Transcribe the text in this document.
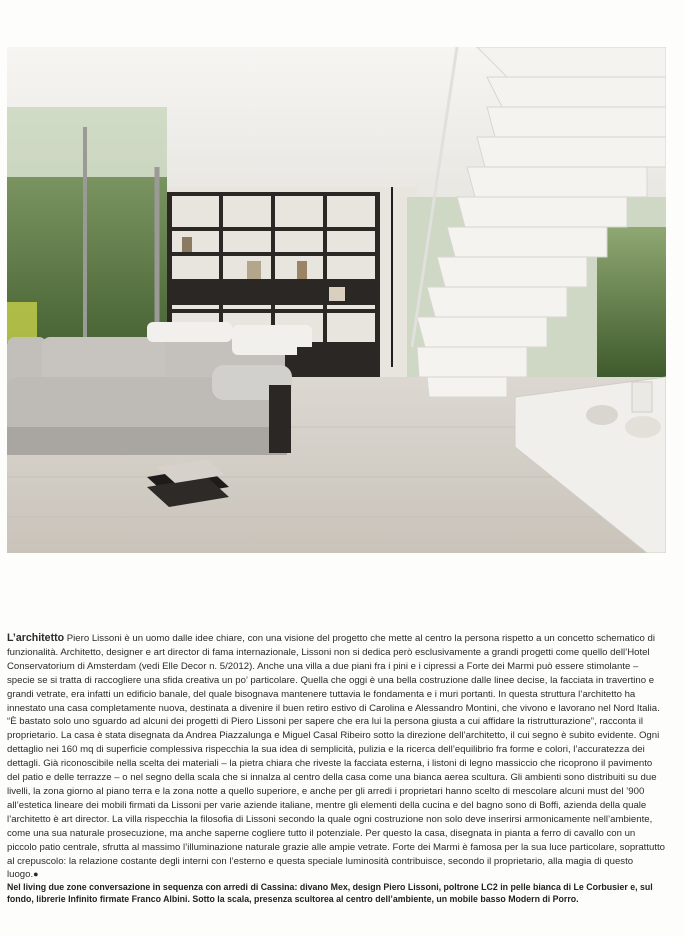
L’architetto Piero Lissoni è un uomo dalle idee chiare, con una visione del progetto che mette al centro la persona rispetto a un concetto schematico di funzionalità. Architetto, designer e art director di fama internazionale, Lissoni non si dedica però esclusivamente a grandi progetti come quello dell’Hotel Conservatorium di Amsterdam (vedi Elle Decor n. 5/2012). Anche una villa a due piani fra i pini e i cipressi a Forte dei Marmi può essere stimolante – specie se si tratta di raccogliere una sfida creativa un po’ particolare. Quella che oggi è una bella costruzione dalle linee decise, la facciata in travertino e grandi vetrate, era infatti un edificio banale, del quale bisognava mantenere tuttavia le fondamenta e i muri portanti. In questa struttura l’architetto ha innestato una casa completamente nuova, destinata a divenire il buen retiro estivo di Carolina e Alessandro Montini, che vivono e lavorano nel Nord Italia. “È bastato solo uno sguardo ad alcuni dei progetti di Piero Lissoni per sapere che era lui la persona giusta a cui affidare la ristrutturazione”, racconta il proprietario. La casa è stata disegnata da Andrea Piazzalunga e Miguel Casal Ribeiro sotto la direzione dell’architetto, il cui segno è subito evidente. Ogni dettaglio nei 160 mq di superficie complessiva rispecchia la sua idea di semplicità, pulizia e la ricerca dell’equilibrio fra forme e colori, l’accuratezza dei dettagli. Già riconoscibile nella scelta dei materiali – la pietra chiara che riveste la facciata esterna, i listoni di legno massiccio che ricoprono il pavimento del patio e delle terrazze – o nel segno della scala che si innalza al centro della casa come una bianca aerea scultura. Gli ambienti sono distribuiti su due livelli, la zona giorno al piano terra e la zona notte a quello superiore, e anche per gli arredi i proprietari hanno scelto di mescolare alcuni must del ’900 all’estetica lineare dei mobili firmati da Lissoni per varie aziende italiane, mentre gli elementi della cucina e del bagno sono di Boffi, azienda della quale l’architetto è art director. La villa rispecchia la filosofia di Lissoni secondo la quale ogni costruzione non solo deve inserirsi armonicamente nell’ambiente, come una sua naturale prosecuzione, ma anche saperne cogliere tutto il potenziale. Per questo la casa, disegnata in pianta a ferro di cavallo con un piccolo patio centrale, sfrutta al massimo l’illuminazione naturale grazie alle ampie vetrate. Forte dei Marmi è famosa per la sua luce particolare, soprattutto al crepuscolo: la relazione costante degli interni con l’esterno e questa speciale luminosità contribuisce, secondo il proprietario, alla magia di questo luogo.●

Nel living due zone conversazione in sequenza con arredi di Cassina: divano Mex, design Piero Lissoni, poltrone LC2 in pelle bianca di Le Corbusier e, sul fondo, librerie Infinito firmate Franco Albini. Sotto la scala, presenza scultorea al centro dell’ambiente, un mobile basso Modern di Porro.
